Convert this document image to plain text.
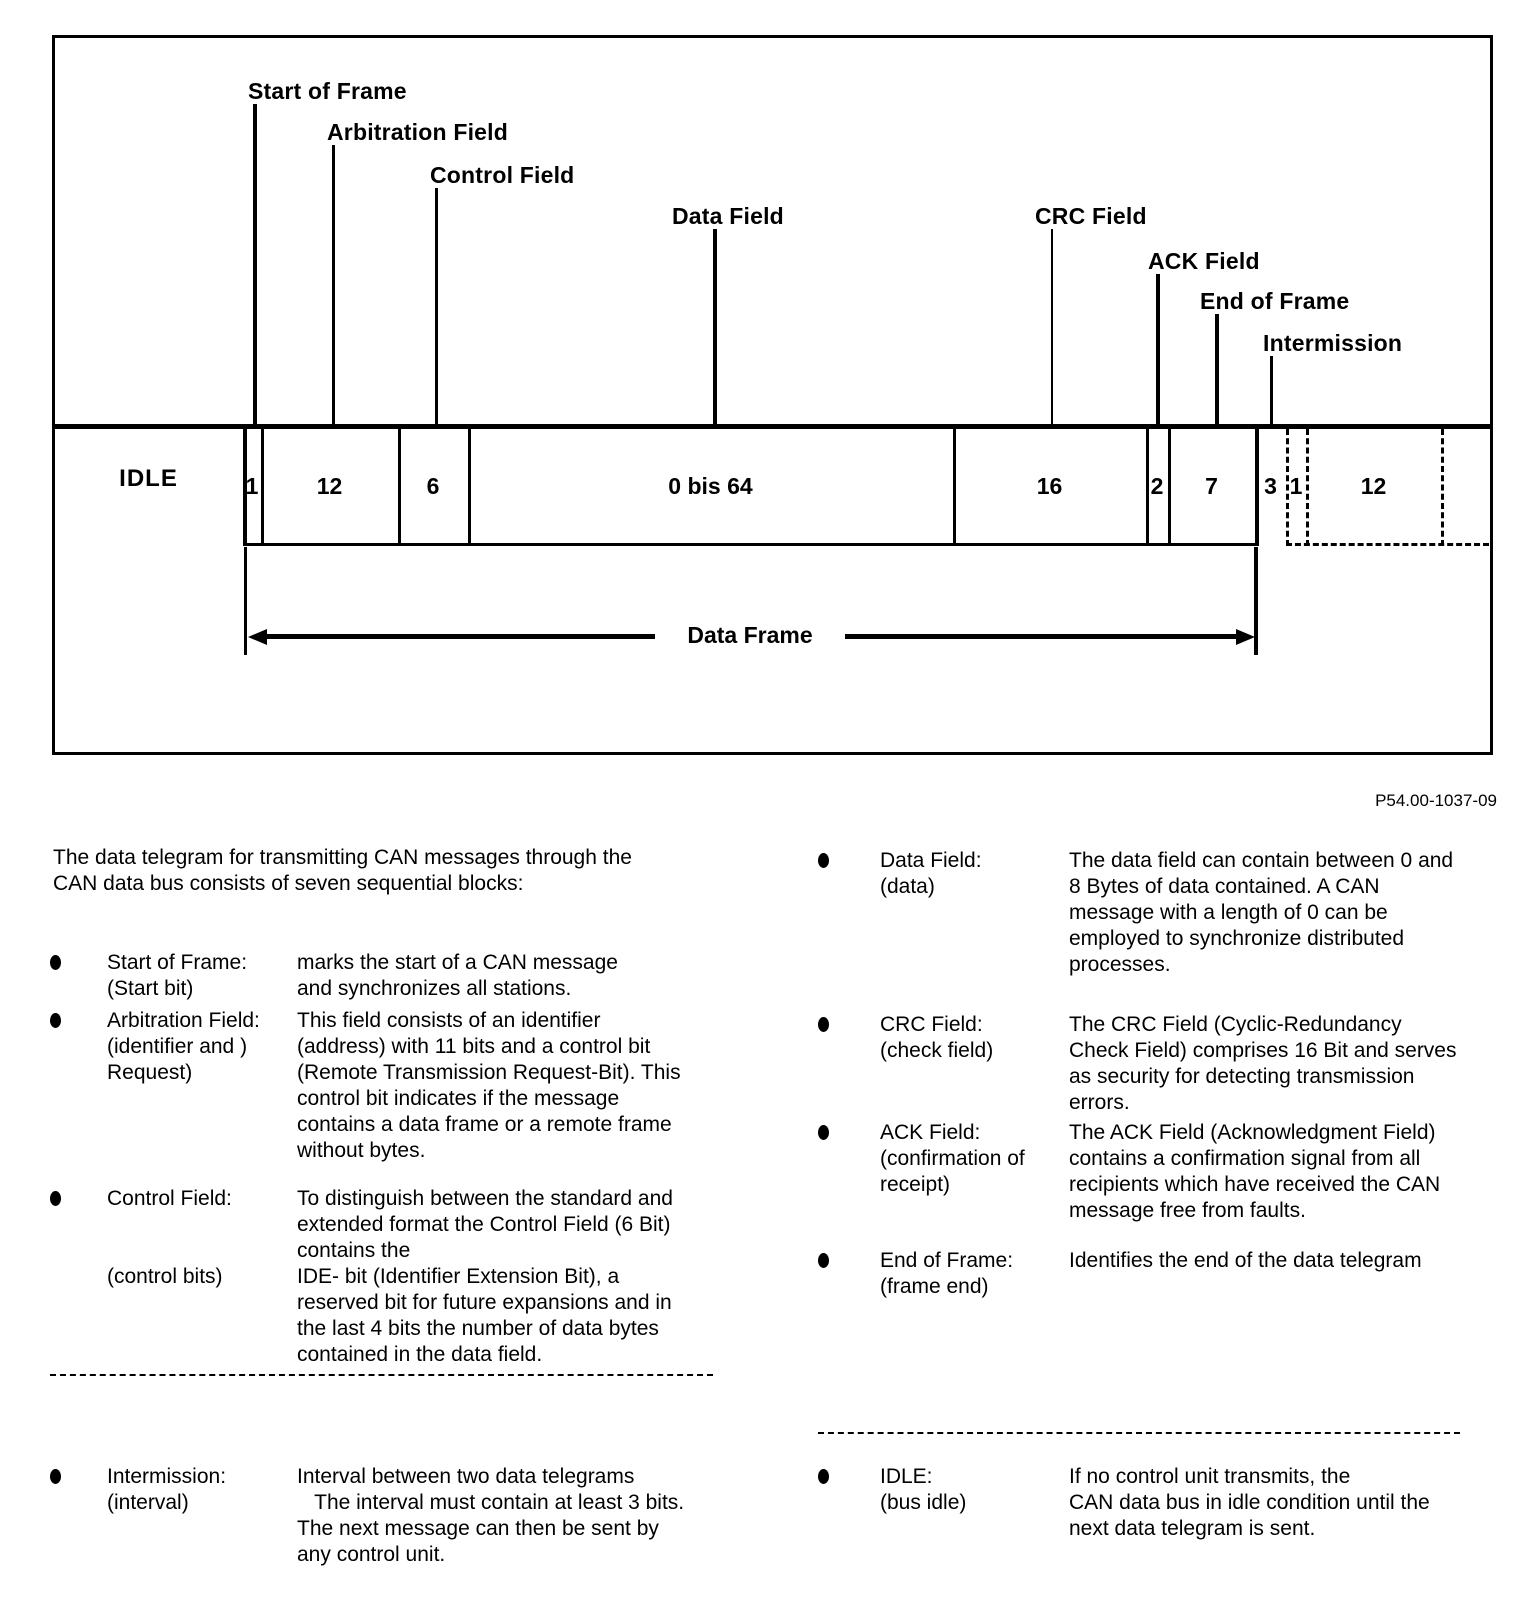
IDLE
Data Frame
Start of Frame
Arbitration Field
Control Field
Data Field	CRC Field
ACK Field
End of Frame
Intermission
1	12	6	0 bis 64	16	2	7	3 1	12
P54.00-1037-09
The data telegram for transmitting CAN messages through the
CAN data bus consists of seven sequential blocks:
Start of Frame:
(Start bit)
marks the start of a CAN message
and synchronizes all stations.
Arbitration Field:
(identifier and )
Request)
This field consists of an identifier
(address) with 11 bits and a control bit
(Remote Transmission Request-Bit). This
control bit indicates if the message
contains a data frame or a remote frame
without bytes.
Control Field:
(control bits)
To distinguish between the standard and
extended format the Control Field (6 Bit)
contains the
IDE- bit (Identifier Extension Bit), a
reserved bit for future expansions and in
the last 4 bits the number of data bytes
contained in the data field.
Intermission:
(interval)
Interval between two data telegrams
The interval must contain at least 3 bits.
The next message can then be sent by
any control unit.
Data Field:
(data)
The data field can contain between 0 and
8 Bytes of data contained. A CAN
message with a length of 0 can be
employed to synchronize distributed
processes.
CRC Field:
(check field)
The CRC Field (Cyclic-Redundancy
Check Field) comprises 16 Bit and serves
as security for detecting transmission
errors.
ACK Field:
(confirmation of
receipt)
The ACK Field (Acknowledgment Field)
contains a confirmation signal from all
recipients which have received the CAN
message free from faults.
End of Frame:
(frame end)
Identifies the end of the data telegram
IDLE:
(bus idle)
If no control unit transmits, the
CAN data bus in idle condition until the
next data telegram is sent.
